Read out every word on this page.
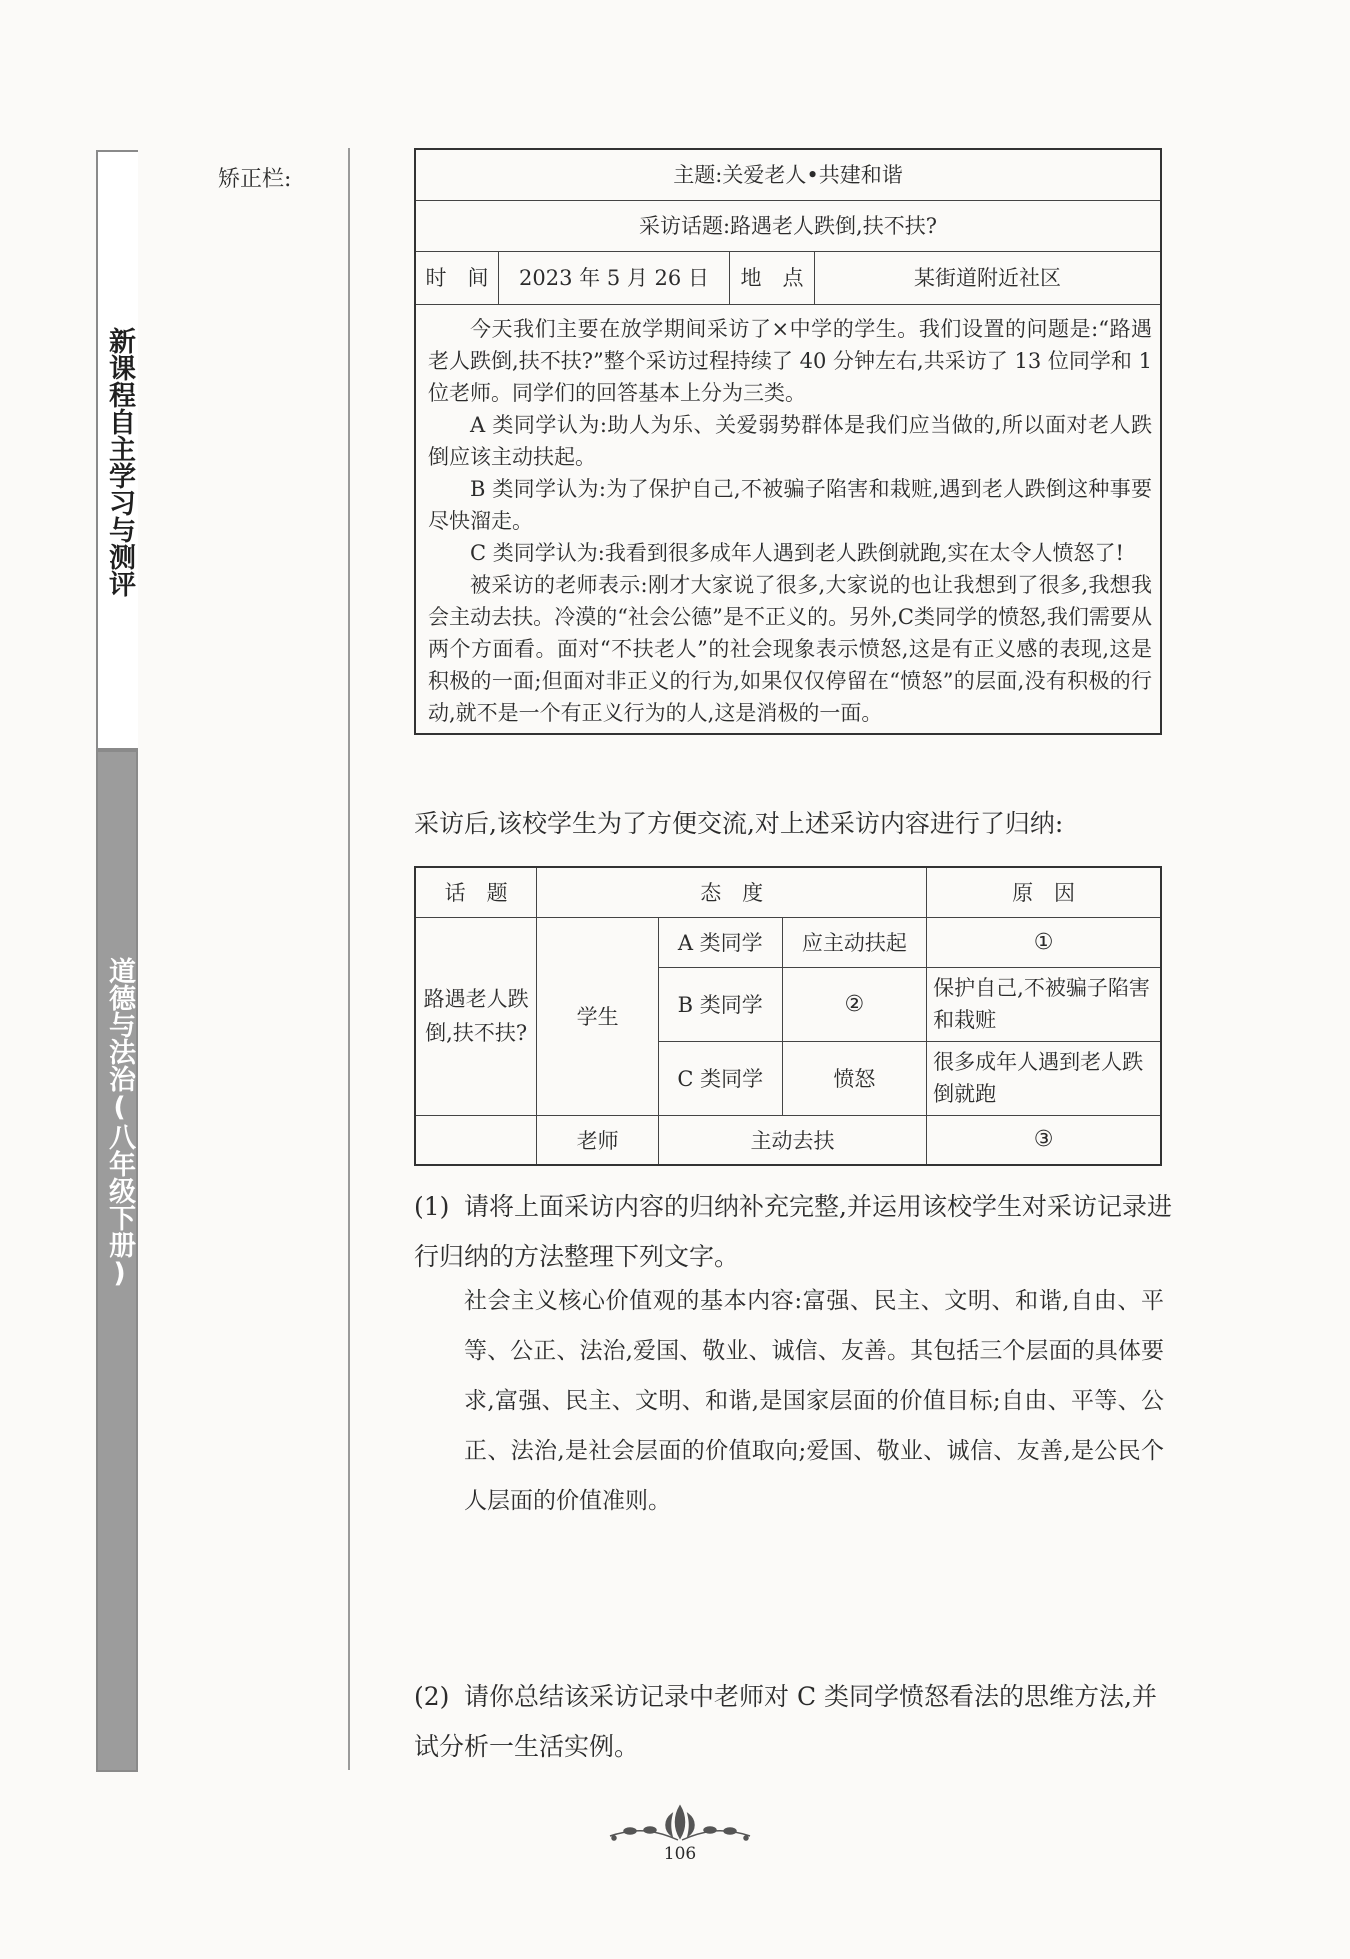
新课程自主学习与测评
道德与法治(八年级下册)
矫正栏:	主题:关爱老人•共建和谐
采访话题:路遇老人跌倒,扶不扶?
时　间	2023 年 5 月 26 日	地　点	某街道附近社区

今天我们主要在放学期间采访了×中学的学生。我们设置的问题是:“路遇老人跌倒,扶不扶?”整个采访过程持续了 40 分钟左右,共采访了 13 位同学和 1 位老师。同学们的回答基本上分为三类。

A 类同学认为:助人为乐、关爱弱势群体是我们应当做的,所以面对老人跌倒应该主动扶起。

B 类同学认为:为了保护自己,不被骗子陷害和栽赃,遇到老人跌倒这种事要尽快溜走。

C 类同学认为:我看到很多成年人遇到老人跌倒就跑,实在太令人愤怒了!

被采访的老师表示:刚才大家说了很多,大家说的也让我想到了很多,我想我会主动去扶。冷漠的“社会公德”是不正义的。另外,C类同学的愤怒,我们需要从两个方面看。面对“不扶老人”的社会现象表示愤怒,这是有正义感的表现,这是积极的一面;但面对非正义的行为,如果仅仅停留在“愤怒”的层面,没有积极的行动,就不是一个有正义行为的人,这是消极的一面。

采访后,该校学生为了方便交流,对上述采访内容进行了归纳:
话　题	态　度			原　因
路遇老人跌倒,扶不扶?	学生	A 类同学	应主动扶起	①
		B 类同学	②	保护自己,不被骗子陷害和栽赃
		C 类同学	愤怒	很多成年人遇到老人跌倒就跑
	老师	主动去扶		③
(1) 请将上面采访内容的归纳补充完整,并运用该校学生对采访记录进行归纳的方法整理下列文字。
社会主义核心价值观的基本内容:富强、民主、文明、和谐,自由、平等、公正、法治,爱国、敬业、诚信、友善。其包括三个层面的具体要求,富强、民主、文明、和谐,是国家层面的价值目标;自由、平等、公正、法治,是社会层面的价值取向;爱国、敬业、诚信、友善,是公民个人层面的价值准则。
(2) 请你总结该采访记录中老师对 C 类同学愤怒看法的思维方法,并试分析一生活实例。
106
